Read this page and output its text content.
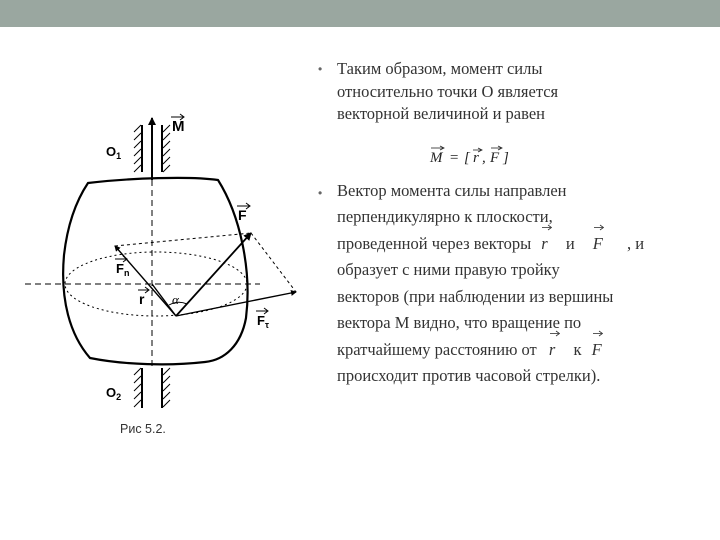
M
$O_1$
$O_2$
F
$F_n$
r α
$F_\tau$
Рис 5.2.
• Таким образом, момент силы
относительно точки О является
векторной величиной и равен
M = [ r , F ]
• Вектор момента силы направлен
перпендикулярно к плоскости,
проведенной через векторы r и F , и
образует с ними правую тройку
векторов (при наблюдении из вершины
вектора М видно, что вращение по
кратчайшему расстоянию от r к F
происходит против часовой стрелки).
